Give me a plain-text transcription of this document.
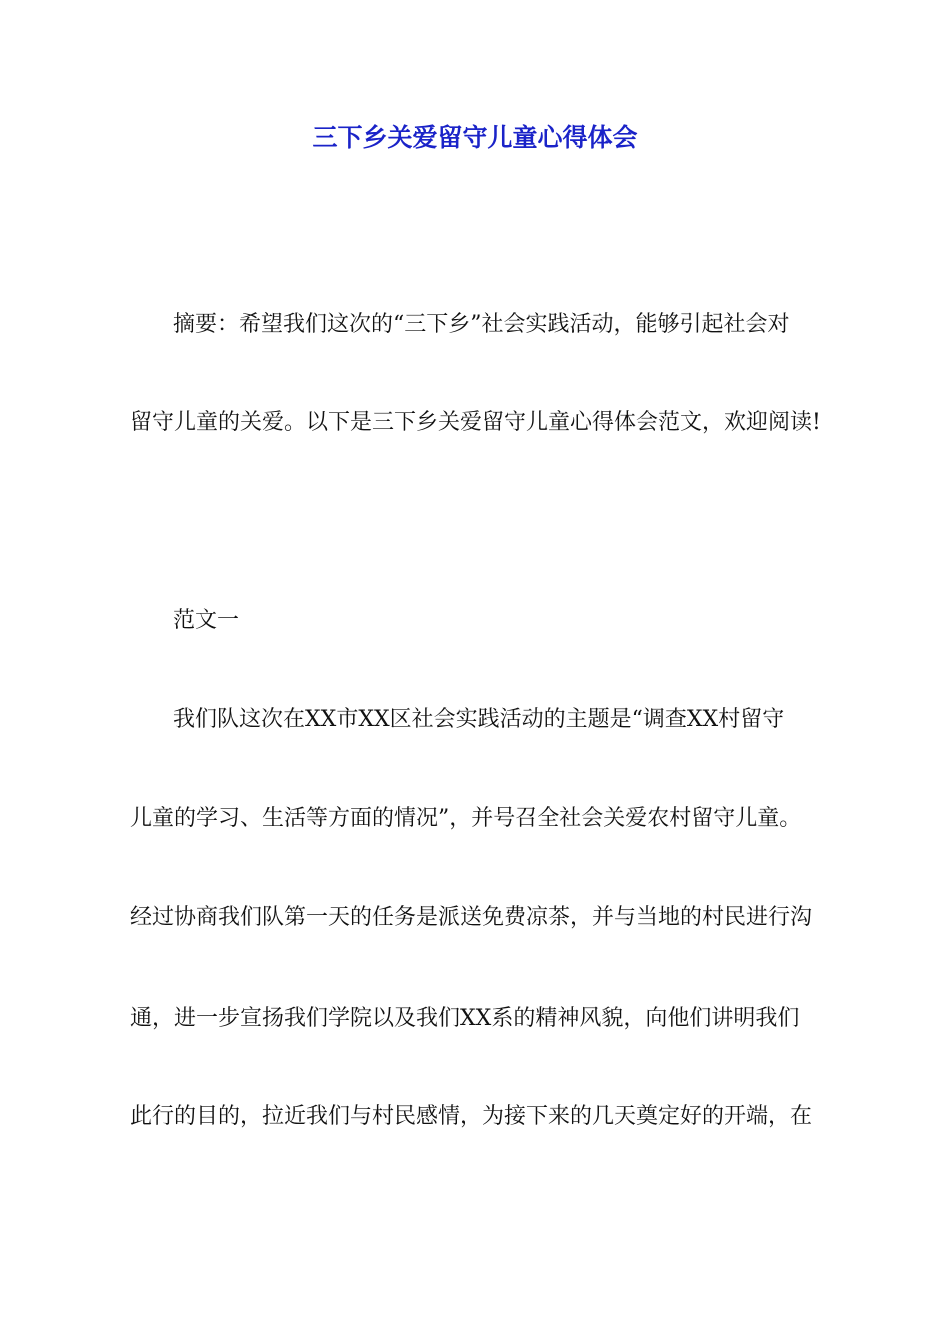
三下乡关爱留守儿童心得体会
摘要：希望我们这次的“三下乡”社会实践活动，能够引起社会对
留守儿童的关爱。以下是三下乡关爱留守儿童心得体会范文，欢迎阅读!
范文一
我们队这次在XX市XX区社会实践活动的主题是“调查XX村留守
儿童的学习、生活等方面的情况”，并号召全社会关爱农村留守儿童。
经过协商我们队第一天的任务是派送免费凉茶，并与当地的村民进行沟
通，进一步宣扬我们学院以及我们XX系的精神风貌，向他们讲明我们
此行的目的，拉近我们与村民感情，为接下来的几天奠定好的开端，在
